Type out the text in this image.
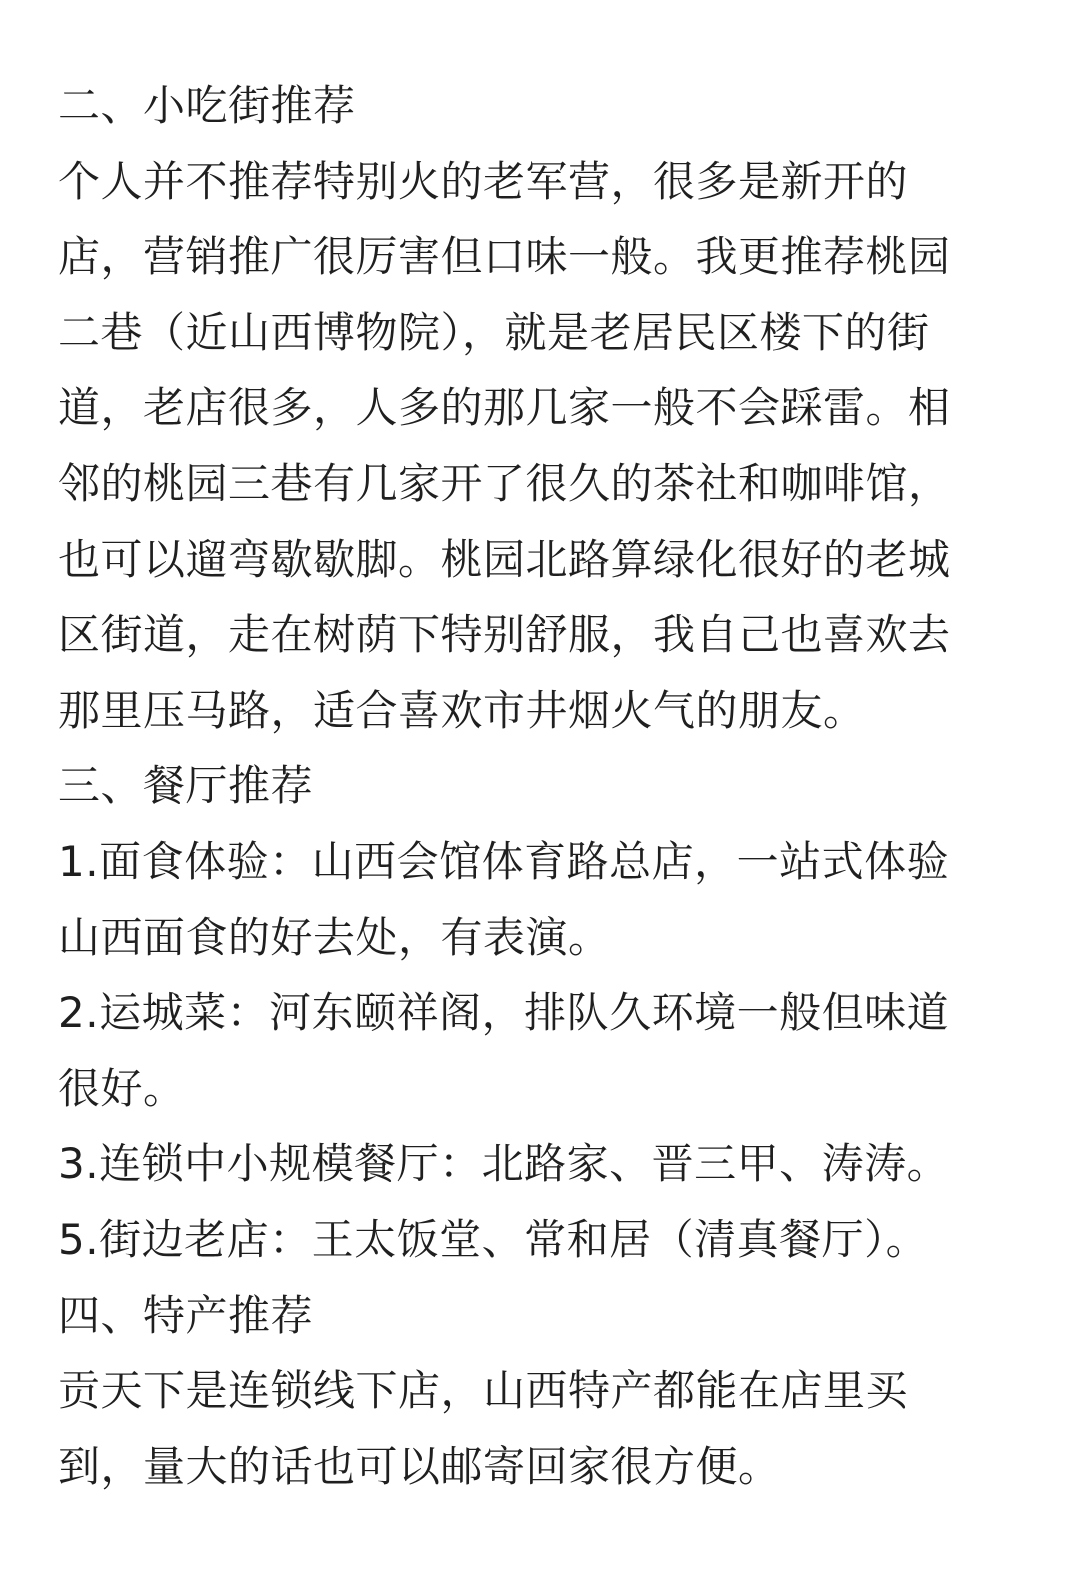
二、小吃街推荐
个人并不推荐特别火的老军营，很多是新开的
店，营销推广很厉害但口味一般。我更推荐桃园
二巷（近山西博物院），就是老居民区楼下的街
道，老店很多，人多的那几家一般不会踩雷。相
邻的桃园三巷有几家开了很久的茶社和咖啡馆，
也可以遛弯歇歇脚。桃园北路算绿化很好的老城
区街道，走在树荫下特别舒服，我自己也喜欢去
那里压马路，适合喜欢市井烟火气的朋友。
三、餐厅推荐
1.面食体验：山西会馆体育路总店，一站式体验
山西面食的好去处，有表演。
2.运城菜：河东颐祥阁，排队久环境一般但味道
很好。
3.连锁中小规模餐厅：北路家、晋三甲、涛涛。
5.街边老店：王太饭堂、常和居（清真餐厅）。
四、特产推荐
贡天下是连锁线下店，山西特产都能在店里买
到，量大的话也可以邮寄回家很方便。
